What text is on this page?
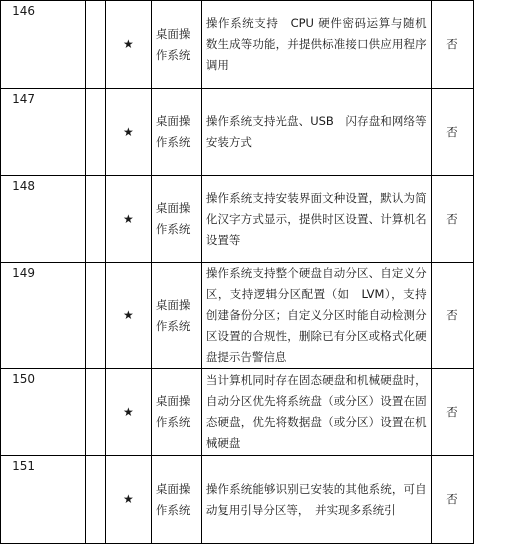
146		★	桌面操作系统	操作系统支持　CPU 硬件密码运算与随机数生成等功能，并提供标准接口供应用程序调用	否	
147		★	桌面操作系统	操作系统支持光盘、USB　闪存盘和网络等安装方式	否	
148		★	桌面操作系统	操作系统支持安装界面文种设置，默认为简化汉字方式显示，提供时区设置、计算机名设置等	否	
149		★	桌面操作系统	操作系统支持整个硬盘自动分区、自定义分区，支持逻辑分区配置（如　LVM），支持创建备份分区；自定义分区时能自动检测分区设置的合规性，删除已有分区或格式化硬盘提示告警信息	否	
150		★	桌面操作系统	当计算机同时存在固态硬盘和机械硬盘时，自动分区优先将系统盘（或分区）设置在固态硬盘，优先将数据盘（或分区）设置在机械硬盘	否	
151		★	桌面操作系统	操作系统能够识别已安装的其他系统，可自动复用引导分区等，　并实现多系统引	否	
